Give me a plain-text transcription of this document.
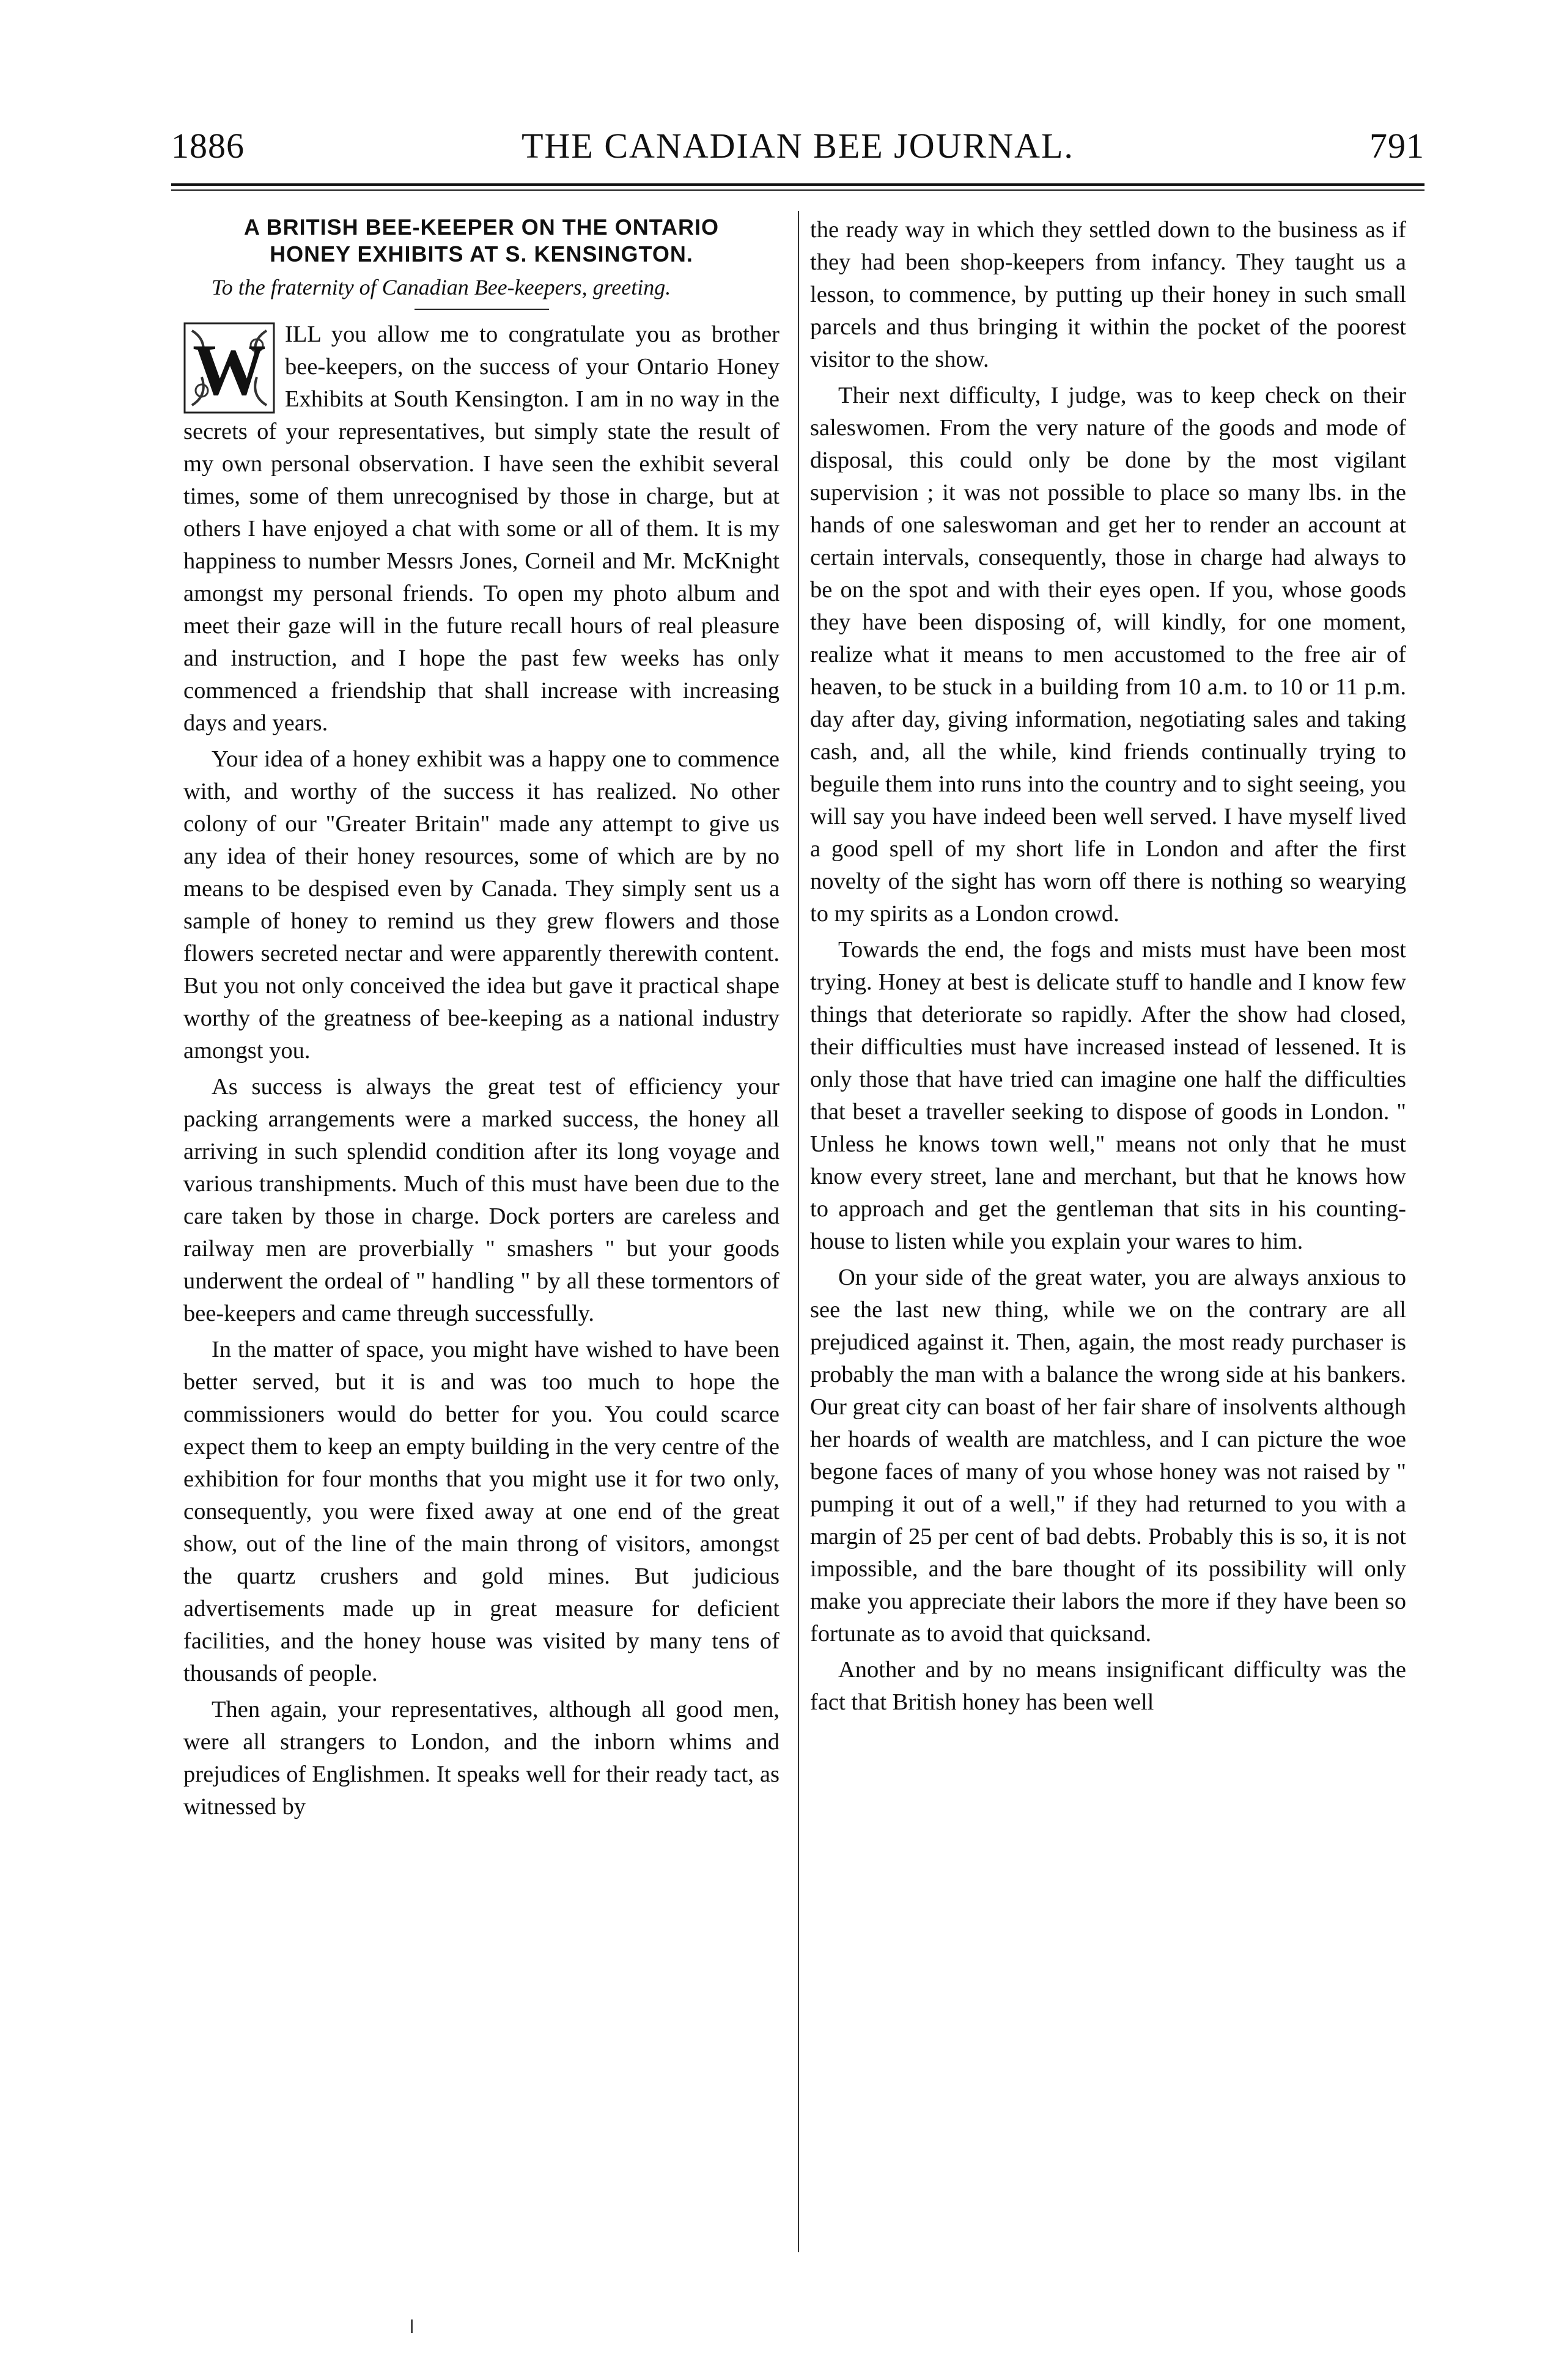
1886	THE CANADIAN BEE JOURNAL.	791
A BRITISH BEE-KEEPER ON THE ONTARIO
HONEY EXHIBITS AT S. KENSINGTON.

To the fraternity of Canadian Bee-keepers, greeting.

W ILL you allow me to congratulate you as brother bee-keepers, on the success of your Ontario Honey Exhibits at South Kensington. I am in no way in the secrets of your representatives, but simply state the result of my own personal observation. I have seen the exhibit several times, some of them unrecognised by those in charge, but at others I have enjoyed a chat with some or all of them. It is my happiness to number Messrs Jones, Corneil and Mr. McKnight amongst my personal friends. To open my photo album and meet their gaze will in the future recall hours of real pleasure and instruction, and I hope the past few weeks has only commenced a friendship that shall increase with increasing days and years.

Your idea of a honey exhibit was a happy one to commence with, and worthy of the success it has realized. No other colony of our "Greater Britain" made any attempt to give us any idea of their honey resources, some of which are by no means to be despised even by Canada. They simply sent us a sample of honey to remind us they grew flowers and those flowers secreted nectar and were apparently therewith content. But you not only conceived the idea but gave it practical shape worthy of the greatness of bee-keeping as a national industry amongst you.

As success is always the great test of efficiency your packing arrangements were a marked success, the honey all arriving in such splendid condition after its long voyage and various transhipments. Much of this must have been due to the care taken by those in charge. Dock porters are careless and railway men are proverbially " smashers " but your goods underwent the ordeal of " handling " by all these tormentors of bee-keepers and came threugh successfully.

In the matter of space, you might have wished to have been better served, but it is and was too much to hope the commissioners would do better for you. You could scarce expect them to keep an empty building in the very centre of the exhibition for four months that you might use it for two only, consequently, you were fixed away at one end of the great show, out of the line of the main throng of visitors, amongst the quartz crushers and gold mines. But judicious advertisements made up in great measure for deficient facilities, and the honey house was visited by many tens of thousands of people.

Then again, your representatives, although all good men, were all strangers to London, and the inborn whims and prejudices of Englishmen. It speaks well for their ready tact, as witnessed by

the ready way in which they settled down to the business as if they had been shop-keepers from infancy. They taught us a lesson, to commence, by putting up their honey in such small parcels and thus bringing it within the pocket of the poorest visitor to the show.

Their next difficulty, I judge, was to keep check on their saleswomen. From the very nature of the goods and mode of disposal, this could only be done by the most vigilant supervision ; it was not possible to place so many lbs. in the hands of one saleswoman and get her to render an account at certain intervals, consequently, those in charge had always to be on the spot and with their eyes open. If you, whose goods they have been disposing of, will kindly, for one moment, realize what it means to men accustomed to the free air of heaven, to be stuck in a building from 10 a.m. to 10 or 11 p.m. day after day, giving information, negotiating sales and taking cash, and, all the while, kind friends continually trying to beguile them into runs into the country and to sight seeing, you will say you have indeed been well served. I have myself lived a good spell of my short life in London and after the first novelty of the sight has worn off there is nothing so wearying to my spirits as a London crowd.

Towards the end, the fogs and mists must have been most trying. Honey at best is delicate stuff to handle and I know few things that deteriorate so rapidly. After the show had closed, their difficulties must have increased instead of lessened. It is only those that have tried can imagine one half the difficulties that beset a traveller seeking to dispose of goods in London. " Unless he knows town well," means not only that he must know every street, lane and merchant, but that he knows how to approach and get the gentleman that sits in his counting-house to listen while you explain your wares to him.

On your side of the great water, you are always anxious to see the last new thing, while we on the contrary are all prejudiced against it. Then, again, the most ready purchaser is probably the man with a balance the wrong side at his bankers. Our great city can boast of her fair share of insolvents although her hoards of wealth are matchless, and I can picture the woe begone faces of many of you whose honey was not raised by " pumping it out of a well," if they had returned to you with a margin of 25 per cent of bad debts. Probably this is so, it is not impossible, and the bare thought of its possibility will only make you appreciate their labors the more if they have been so fortunate as to avoid that quicksand.

Another and by no means insignificant difficulty was the fact that British honey has been well
